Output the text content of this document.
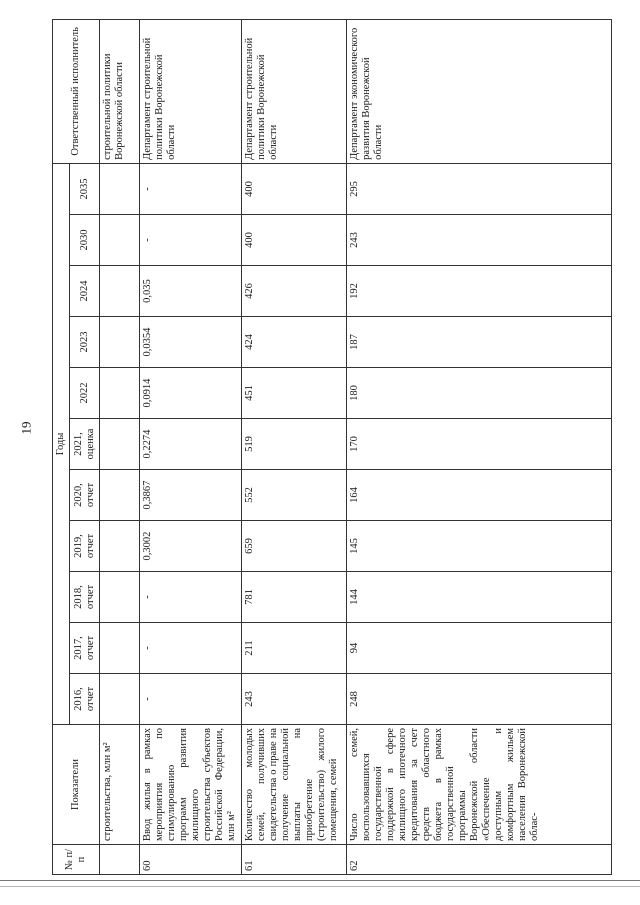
19
№ п/п	Показатели	Годы											Ответственный исполнитель
		2016, отчет	2017, отчет	2018, отчет	2019, отчет	2020, отчет	2021, оценка	2022	2023	2024	2030	2035	
	строительства, млн м²												строительной политики Воронежской области
60	Ввод жилья в рамках мероприятия по стимулированию программ развития жилищного строительства субъектов Российской Федерации, млн м²	-	-	-	0,3002	0,3867	0,2274	0,0914	0,0354	0,035	-	-	Департамент строительной политики Воронежской области
61	Количество молодых семей, получивших свидетельства о праве на получение социальной выплаты на приобретение (строительство) жилого помещения, семей	243	211	781	659	552	519	451	424	426	400	400	Департамент строительной политики Воронежской области
62	Число семей, воспользовавшихся государственной поддержкой в сфере жилищного ипотечного кредитования за счет средств областного бюджета в рамках государственной программы Воронежской области «Обеспечение доступным и комфортным жильем населения Воронежской облас-	248	94	144	145	164	170	180	187	192	243	295	Департамент экономического развития Воронежской области
